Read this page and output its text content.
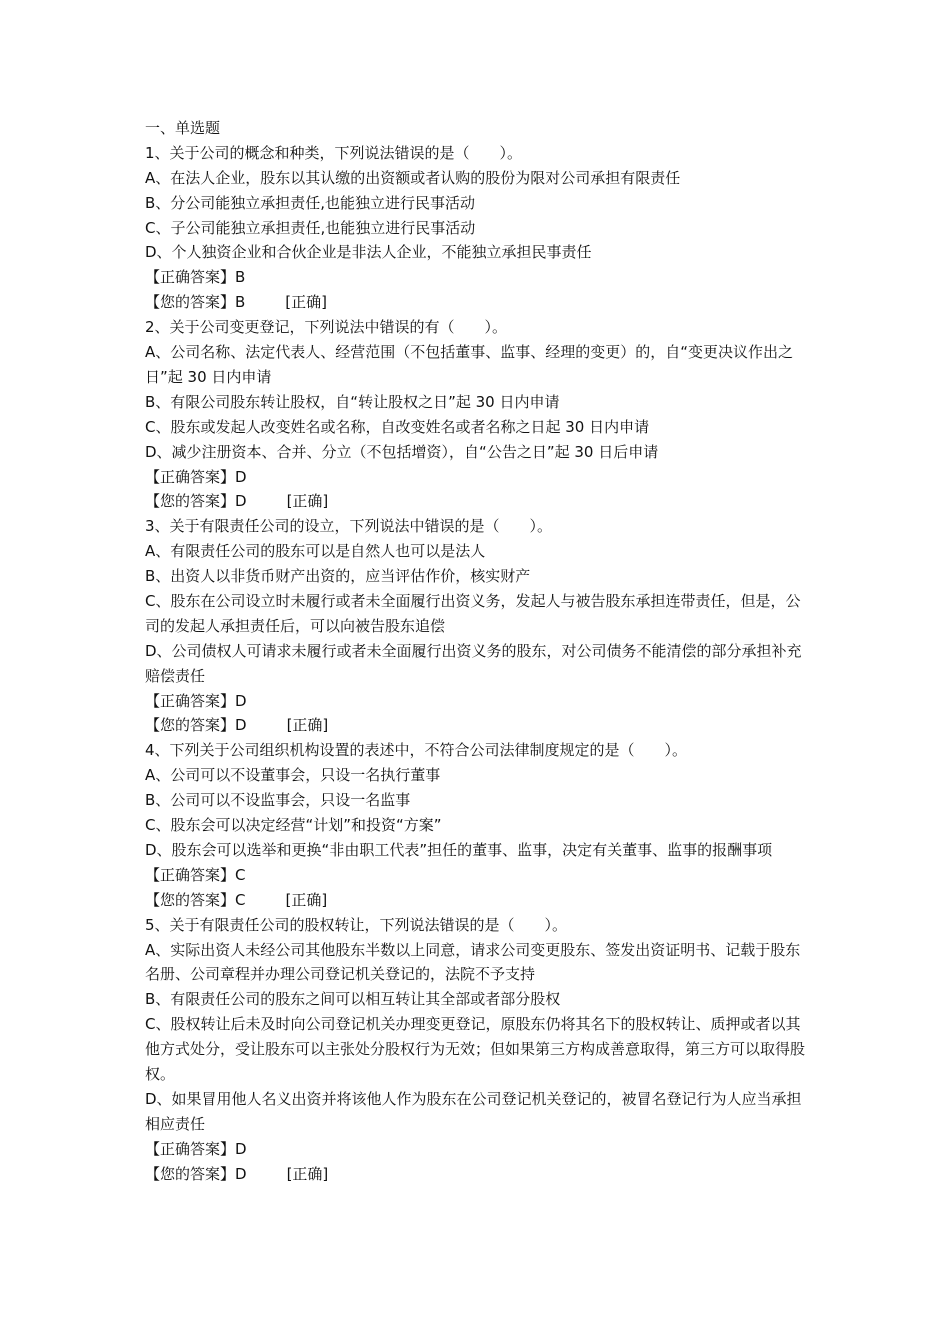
一、单选题
1、关于公司的概念和种类，下列说法错误的是（　　）。
A、在法人企业，股东以其认缴的出资额或者认购的股份为限对公司承担有限责任
B、分公司能独立承担责任,也能独立进行民事活动
C、子公司能独立承担责任,也能独立进行民事活动
D、个人独资企业和合伙企业是非法人企业，不能独立承担民事责任
【正确答案】B
【您的答案】B	[正确]
2、关于公司变更登记，下列说法中错误的有（　　）。
A、公司名称、法定代表人、经营范围（不包括董事、监事、经理的变更）的，自“变更决议作出之日”起 30 日内申请
B、有限公司股东转让股权，自“转让股权之日”起 30 日内申请
C、股东或发起人改变姓名或名称，自改变姓名或者名称之日起 30 日内申请
D、减少注册资本、合并、分立（不包括增资），自“公告之日”起 30 日后申请
【正确答案】D
【您的答案】D	[正确]
3、关于有限责任公司的设立，下列说法中错误的是（　　）。
A、有限责任公司的股东可以是自然人也可以是法人
B、出资人以非货币财产出资的，应当评估作价，核实财产
C、股东在公司设立时未履行或者未全面履行出资义务，发起人与被告股东承担连带责任，但是，公司的发起人承担责任后，可以向被告股东追偿
D、公司债权人可请求未履行或者未全面履行出资义务的股东，对公司债务不能清偿的部分承担补充赔偿责任
【正确答案】D
【您的答案】D	[正确]
4、下列关于公司组织机构设置的表述中，不符合公司法律制度规定的是（　　）。
A、公司可以不设董事会，只设一名执行董事
B、公司可以不设监事会，只设一名监事
C、股东会可以决定经营“计划”和投资“方案”
D、股东会可以选举和更换“非由职工代表”担任的董事、监事，决定有关董事、监事的报酬事项
【正确答案】C
【您的答案】C	[正确]
5、关于有限责任公司的股权转让，下列说法错误的是（　　）。
A、实际出资人未经公司其他股东半数以上同意，请求公司变更股东、签发出资证明书、记载于股东名册、公司章程并办理公司登记机关登记的，法院不予支持
B、有限责任公司的股东之间可以相互转让其全部或者部分股权
C、股权转让后未及时向公司登记机关办理变更登记，原股东仍将其名下的股权转让、质押或者以其他方式处分，受让股东可以主张处分股权行为无效；但如果第三方构成善意取得，第三方可以取得股权。
D、如果冒用他人名义出资并将该他人作为股东在公司登记机关登记的，被冒名登记行为人应当承担相应责任
【正确答案】D
【您的答案】D	[正确]
